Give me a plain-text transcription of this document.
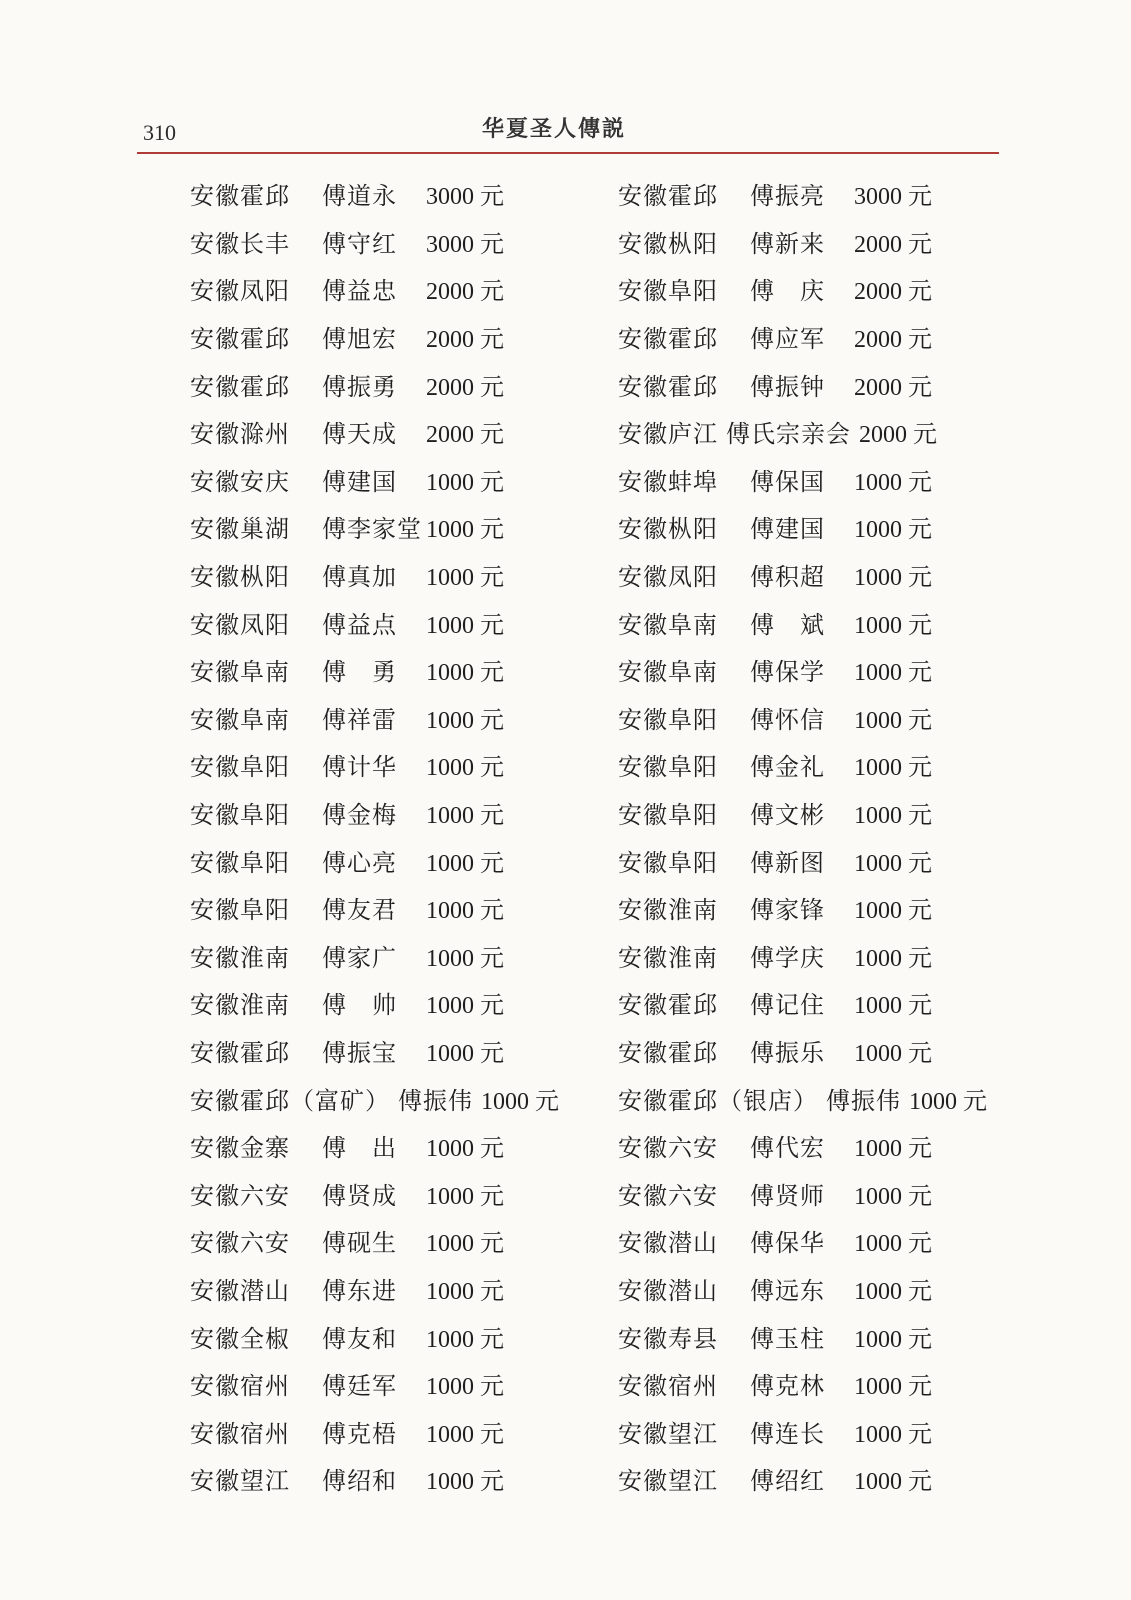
310	华夏圣人傳説
安徽霍邱	傅道永	3000 元
安徽长丰	傅守红	3000 元
安徽凤阳	傅益忠	2000 元
安徽霍邱	傅旭宏	2000 元
安徽霍邱	傅振勇	2000 元
安徽滁州	傅天成	2000 元
安徽安庆	傅建国	1000 元
安徽巢湖	傅李家堂 1000 元
安徽枞阳	傅真加	1000 元
安徽凤阳	傅益点	1000 元
安徽阜南	傅　勇	1000 元
安徽阜南	傅祥雷	1000 元
安徽阜阳	傅计华	1000 元
安徽阜阳	傅金梅	1000 元
安徽阜阳	傅心亮	1000 元
安徽阜阳	傅友君	1000 元
安徽淮南	傅家广	1000 元
安徽淮南	傅　帅	1000 元
安徽霍邱	傅振宝	1000 元
安徽霍邱（富矿） 傅振伟 1000 元
安徽金寨	傅　出	1000 元
安徽六安	傅贤成	1000 元
安徽六安	傅砚生	1000 元
安徽潜山	傅东进	1000 元
安徽全椒	傅友和	1000 元
安徽宿州	傅廷军	1000 元
安徽宿州	傅克梧	1000 元
安徽望江	傅绍和	1000 元
安徽霍邱	傅振亮	3000 元
安徽枞阳	傅新来	2000 元
安徽阜阳	傅　庆	2000 元
安徽霍邱	傅应军	2000 元
安徽霍邱	傅振钟	2000 元
安徽庐江 傅氏宗亲会 2000 元
安徽蚌埠	傅保国	1000 元
安徽枞阳	傅建国	1000 元
安徽凤阳	傅积超	1000 元
安徽阜南	傅　斌	1000 元
安徽阜南	傅保学	1000 元
安徽阜阳	傅怀信	1000 元
安徽阜阳	傅金礼	1000 元
安徽阜阳	傅文彬	1000 元
安徽阜阳	傅新图	1000 元
安徽淮南	傅家锋	1000 元
安徽淮南	傅学庆	1000 元
安徽霍邱	傅记住	1000 元
安徽霍邱	傅振乐	1000 元
安徽霍邱（银店） 傅振伟 1000 元
安徽六安	傅代宏	1000 元
安徽六安	傅贤师	1000 元
安徽潜山	傅保华	1000 元
安徽潜山	傅远东	1000 元
安徽寿县	傅玉柱	1000 元
安徽宿州	傅克林	1000 元
安徽望江	傅连长	1000 元
安徽望江	傅绍红	1000 元
